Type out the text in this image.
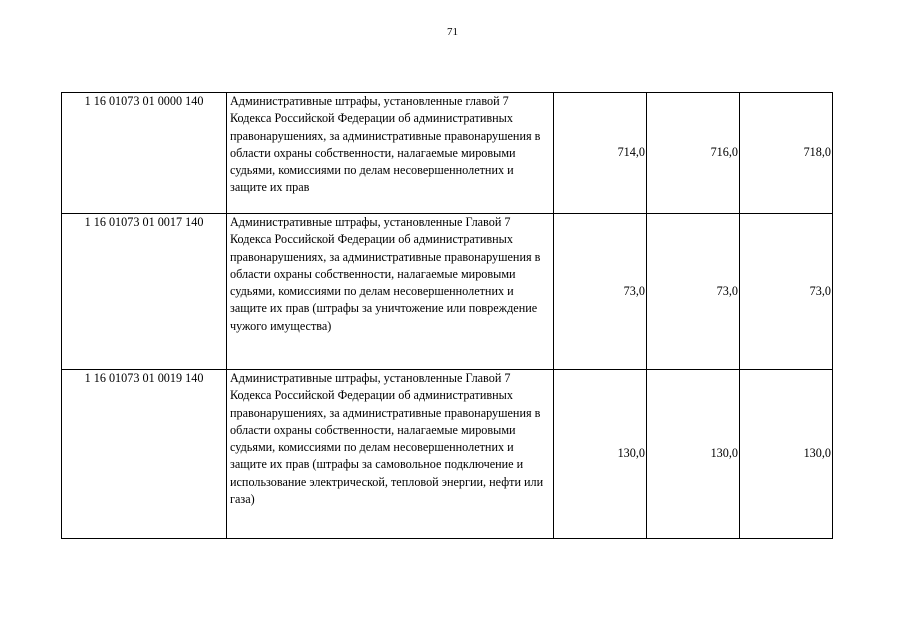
71
1 16 01073 01 0000 140	Административные штрафы, установленные главой 7 Кодекса Российской Федерации об административных правонарушениях, за административные правонарушения в области охраны собственности, налагаемые мировыми судьями, комиссиями по делам несовершеннолетних и защите их прав	714,0	716,0	718,0
1 16 01073 01 0017 140	Административные штрафы, установленные Главой 7 Кодекса Российской Федерации об административных правонарушениях, за административные правонарушения в области охраны собственности, налагаемые мировыми судьями, комиссиями по делам несовершеннолетних и защите их прав (штрафы за уничтожение или повреждение чужого имущества)	73,0	73,0	73,0
1 16 01073 01 0019 140	Административные штрафы, установленные Главой 7 Кодекса Российской Федерации об административных правонарушениях, за административные правонарушения в области охраны собственности, налагаемые мировыми судьями, комиссиями по делам несовершеннолетних и защите их прав (штрафы за самовольное подключение и использование электрической, тепловой энергии, нефти или газа)	130,0	130,0	130,0
